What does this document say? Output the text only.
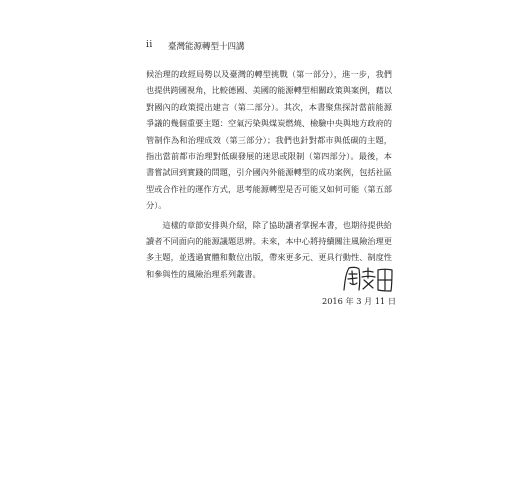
ii 臺灣能源轉型十四講

候治理的政經局勢以及臺灣的轉型挑戰（第一部分），進一步，我們也提供跨國視角，比較德國、美國的能源轉型相關政策與案例，藉以對國內的政策提出建言（第二部分）。其次，本書聚焦探討當前能源爭議的幾個重要主題：空氣污染與煤炭燃燒、檢驗中央與地方政府的管制作為和治理成效（第三部分）；我們也針對都市與低碳的主題，指出當前都市治理對低碳發展的迷思或限制（第四部分）。最後，本書嘗試回到實踐的問題，引介國內外能源轉型的成功案例，包括社區型或合作社的運作方式，思考能源轉型是否可能又如何可能（第五部分）。

這樣的章節安排與介紹，除了協助讀者掌握本書，也期待提供給讀者不同面向的能源議題思辨。未來，本中心將持續關注風險治理更多主題，並透過實體和數位出版，帶來更多元、更具行動性、制度性和參與性的風險治理系列叢書。

2016 年 3 月 11 日
